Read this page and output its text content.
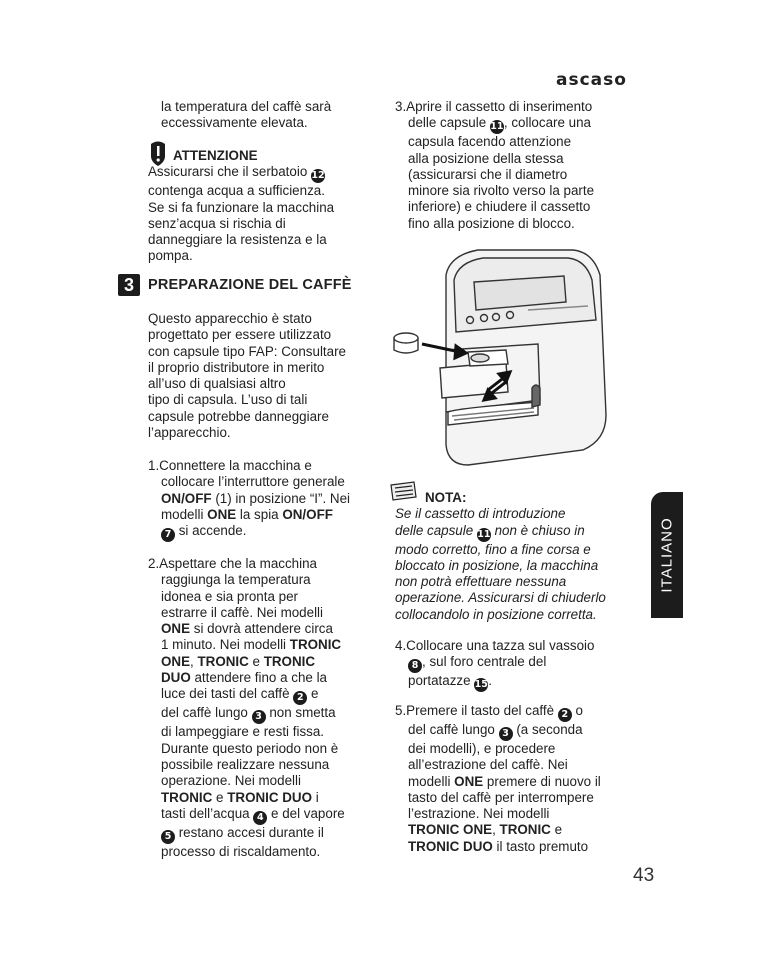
ascaso

la temperatura del caffè sarà

eccessivamente elevata.

ATTENZIONE

Assicurarsi che il serbatoio 12

contenga acqua a sufficienza.

Se si fa funzionare la macchina

senz’acqua si rischia di

danneggiare la resistenza e la

pompa.

3 PREPARAZIONE DEL CAFFÈ

Questo apparecchio è stato

progettato per essere utilizzato

con capsule tipo FAP: Consultare

il proprio distributore in merito

all’uso di qualsiasi altro

tipo di capsula. L’uso di tali

capsule potrebbe danneggiare

l’apparecchio.

1.Connettere la macchina e

collocare l’interruttore generale

ON/OFF (1) in posizione “I”. Nei

modelli ONE la spia ON/OFF

7 si accende.

2.Aspettare che la macchina

raggiunga la temperatura

idonea e sia pronta per

estrarre il caffè. Nei modelli

ONE si dovrà attendere circa

1 minuto. Nei modelli TRONIC

ONE, TRONIC e TRONIC

DUO attendere fino a che la

luce dei tasti del caffè 2 e

del caffè lungo 3 non smetta

di lampeggiare e resti fissa.

Durante questo periodo non è

possibile realizzare nessuna

operazione. Nei modelli

TRONIC e TRONIC DUO i

tasti dell’acqua 4 e del vapore

5 restano accesi durante il

processo di riscaldamento.

3.Aprire il cassetto di inserimento

delle capsule 11, collocare una

capsula facendo attenzione

alla posizione della stessa

(assicurarsi che il diametro

minore sia rivolto verso la parte

inferiore) e chiudere il cassetto

fino alla posizione di blocco.

NOTA:

Se il cassetto di introduzione

delle capsule 11 non è chiuso in

modo corretto, fino a fine corsa e

bloccato in posizione, la macchina

non potrà effettuare nessuna

operazione. Assicurarsi di chiuderlo

collocandolo in posizione corretta.

4.Collocare una tazza sul vassoio

8 , sul foro centrale del

portatazze 15.

5.Premere il tasto del caffè 2 o

del caffè lungo 3 (a seconda

dei modelli), e procedere

all’estrazione del caffè. Nei

modelli ONE premere di nuovo il

tasto del caffè per interrompere

l’estrazione. Nei modelli

TRONIC ONE, TRONIC e

TRONIC DUO il tasto premuto

ITALIANO
43
